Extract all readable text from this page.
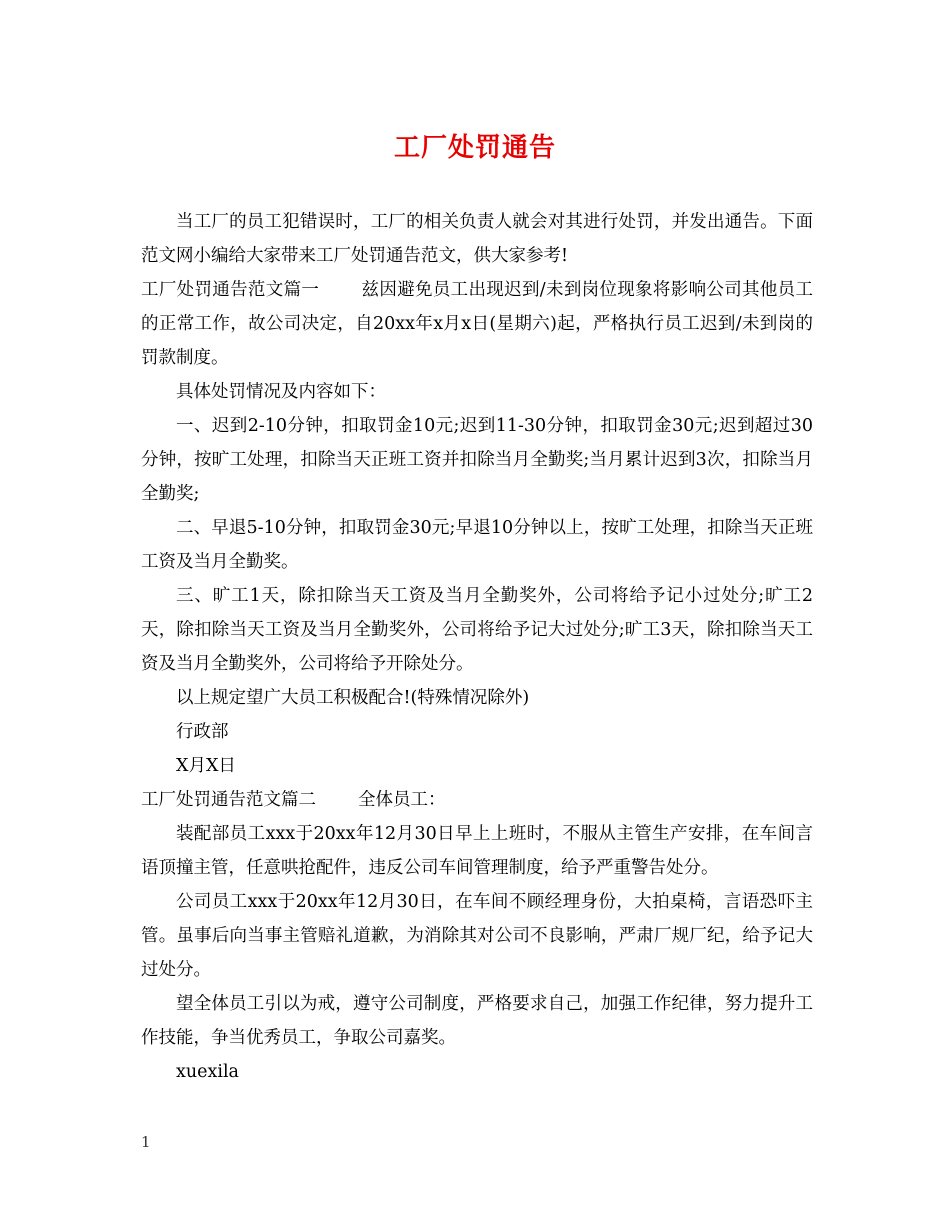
工厂处罚通告

当工厂的员工犯错误时，工厂的相关负责人就会对其进行处罚，并发出通告。下面范文网小编给大家带来工厂处罚通告范文，供大家参考!

工厂处罚通告范文篇一 兹因避免员工出现迟到/未到岗位现象将影响公司其他员工的正常工作，故公司决定，自20xx年x月x日(星期六)起，严格执行员工迟到/未到岗的罚款制度。

具体处罚情况及内容如下：

一、迟到2-10分钟，扣取罚金10元;迟到11-30分钟，扣取罚金30元;迟到超过30分钟，按旷工处理，扣除当天正班工资并扣除当月全勤奖;当月累计迟到3次，扣除当月全勤奖;

二、早退5-10分钟，扣取罚金30元;早退10分钟以上，按旷工处理，扣除当天正班工资及当月全勤奖。

三、旷工1天，除扣除当天工资及当月全勤奖外，公司将给予记小过处分;旷工2天，除扣除当天工资及当月全勤奖外，公司将给予记大过处分;旷工3天，除扣除当天工资及当月全勤奖外，公司将给予开除处分。

以上规定望广大员工积极配合!(特殊情况除外)

行政部

X月X日

工厂处罚通告范文篇二 全体员工：

装配部员工xxx于20xx年12月30日早上上班时，不服从主管生产安排，在车间言语顶撞主管，任意哄抢配件，违反公司车间管理制度，给予严重警告处分。

公司员工xxx于20xx年12月30日，在车间不顾经理身份，大拍桌椅，言语恐吓主管。虽事后向当事主管赔礼道歉，为消除其对公司不良影响，严肃厂规厂纪，给予记大过处分。

望全体员工引以为戒，遵守公司制度，严格要求自己，加强工作纪律，努力提升工作技能，争当优秀员工，争取公司嘉奖。

xuexila

1
